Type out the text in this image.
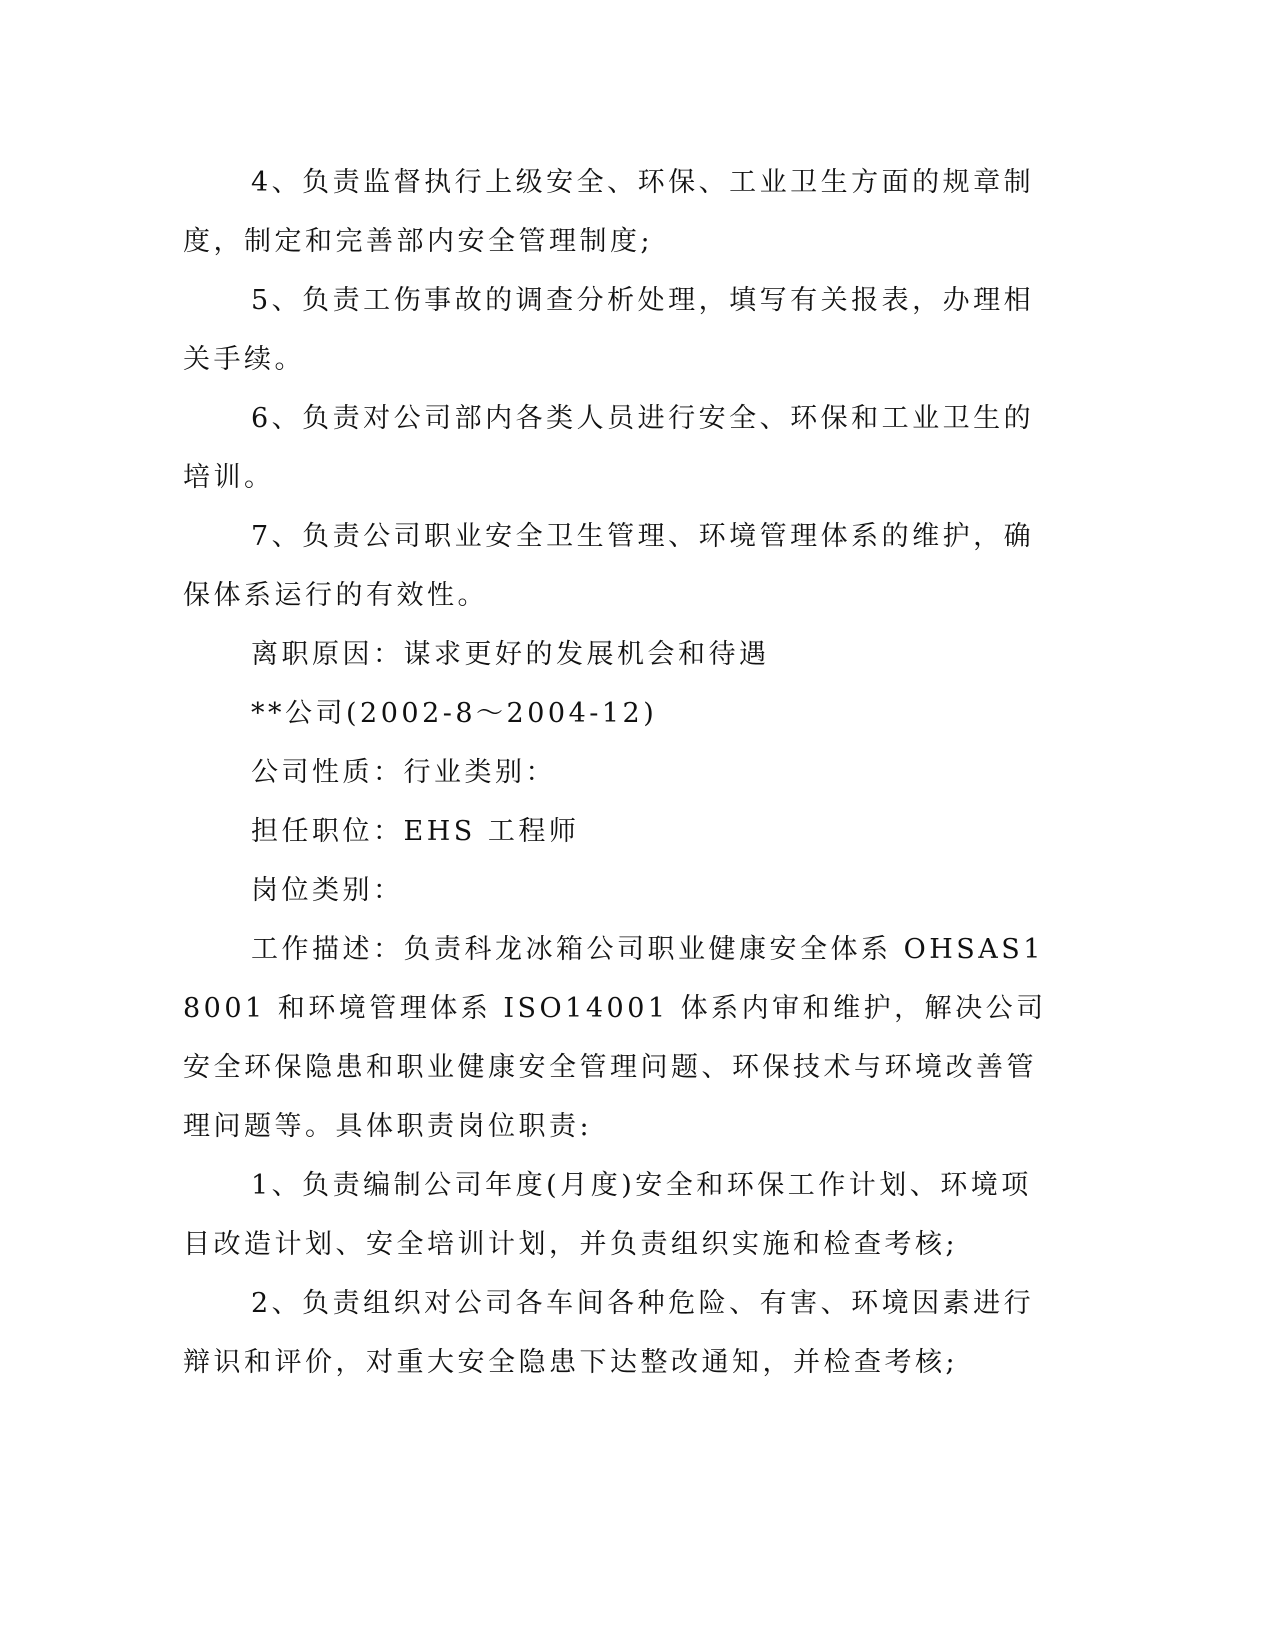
4、负责监督执行上级安全、环保、工业卫生方面的规章制度，制定和完善部内安全管理制度;

5、负责工伤事故的调查分析处理，填写有关报表，办理相关手续。

6、负责对公司部内各类人员进行安全、环保和工业卫生的培训。

7、负责公司职业安全卫生管理、环境管理体系的维护，确保体系运行的有效性。

离职原因：谋求更好的发展机会和待遇

**公司(2002-8～2004-12)

公司性质：行业类别：

担任职位：EHS 工程师

岗位类别：

工作描述：负责科龙冰箱公司职业健康安全体系 OHSAS18001 和环境管理体系 ISO14001 体系内审和维护，解决公司安全环保隐患和职业健康安全管理问题、环保技术与环境改善管理问题等。具体职责岗位职责:

1、负责编制公司年度(月度)安全和环保工作计划、环境项目改造计划、安全培训计划，并负责组织实施和检查考核;

2、负责组织对公司各车间各种危险、有害、环境因素进行辩识和评价，对重大安全隐患下达整改通知，并检查考核;
